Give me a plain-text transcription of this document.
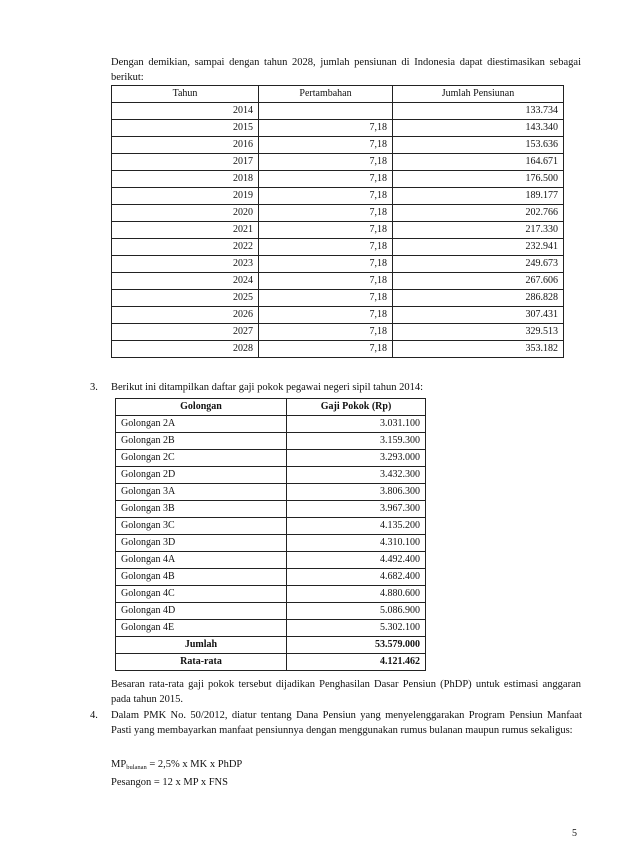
Dengan demikian, sampai dengan tahun 2028, jumlah pensiunan di Indonesia dapat diestimasikan sebagai berikut:
Tahun	Pertambahan	Jumlah Pensiunan
2014		133.734
2015	7,18	143.340
2016	7,18	153.636
2017	7,18	164.671
2018	7,18	176.500
2019	7,18	189.177
2020	7,18	202.766
2021	7,18	217.330
2022	7,18	232.941
2023	7,18	249.673
2024	7,18	267.606
2025	7,18	286.828
2026	7,18	307.431
2027	7,18	329.513
2028	7,18	353.182
3.	Berikut ini ditampilkan daftar gaji pokok pegawai negeri sipil tahun 2014:
Golongan	Gaji Pokok (Rp)
Golongan 2A	3.031.100
Golongan 2B	3.159.300
Golongan 2C	3.293.000
Golongan 2D	3.432.300
Golongan 3A	3.806.300
Golongan 3B	3.967.300
Golongan 3C	4.135.200
Golongan 3D	4.310.100
Golongan 4A	4.492.400
Golongan 4B	4.682.400
Golongan 4C	4.880.600
Golongan 4D	5.086.900
Golongan 4E	5.302.100
Jumlah	53.579.000
Rata-rata	4.121.462
Besaran rata-rata gaji pokok tersebut dijadikan Penghasilan Dasar Pensiun (PhDP) untuk estimasi anggaran pada tahun 2015.
4.	Dalam PMK No. 50/2012, diatur tentang Dana Pensiun yang menyelenggarakan Program Pensiun Manfaat Pasti yang membayarkan manfaat pensiunnya dengan menggunakan rumus bulanan maupun rumus sekaligus:
$MP_{bulanan} = 2,5\%$ x MK x PhDP
Pesangon = 12 x MP x FNS
5
